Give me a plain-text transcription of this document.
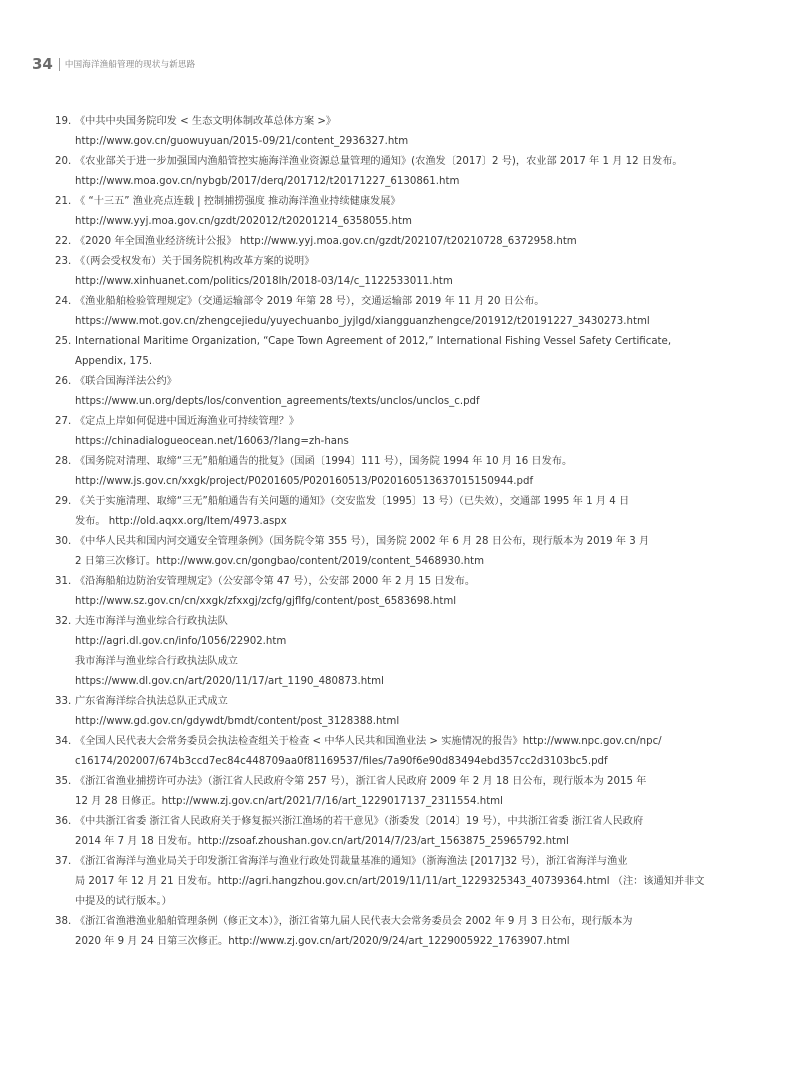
34 中国海洋渔船管理的现状与新思路
19. 《中共中央国务院印发 < 生态文明体制改革总体方案 >》
http://www.gov.cn/guowuyuan/2015-09/21/content_2936327.htm
20. 《农业部关于进一步加强国内渔船管控实施海洋渔业资源总量管理的通知》(农渔发〔2017〕2 号)，农业部 2017 年 1 月 12 日发布。
http://www.moa.gov.cn/nybgb/2017/derq/201712/t20171227_6130861.htm
21. 《 “十三五” 渔业亮点连载 | 控制捕捞强度 推动海洋渔业持续健康发展》
http://www.yyj.moa.gov.cn/gzdt/202012/t20201214_6358055.htm
22. 《2020 年全国渔业经济统计公报》 http://www.yyj.moa.gov.cn/gzdt/202107/t20210728_6372958.htm
23. 《（两会受权发布）关于国务院机构改革方案的说明》
http://www.xinhuanet.com/politics/2018lh/2018-03/14/c_1122533011.htm
24. 《渔业船舶检验管理规定》（交通运输部令 2019 年第 28 号），交通运输部 2019 年 11 月 20 日公布。
https://www.mot.gov.cn/zhengcejiedu/yuyechuanbo_jyjlgd/xiangguanzhengce/201912/t20191227_3430273.html
25. International Maritime Organization, “Cape Town Agreement of 2012,” International Fishing Vessel Safety Certificate,
Appendix, 175.
26. 《联合国海洋法公约》
https://www.un.org/depts/los/convention_agreements/texts/unclos/unclos_c.pdf
27. 《定点上岸如何促进中国近海渔业可持续管理？》
https://chinadialogueocean.net/16063/?lang=zh-hans
28. 《国务院对清理、取缔“三无”船舶通告的批复》（国函〔1994〕111 号），国务院 1994 年 10 月 16 日发布。
http://www.js.gov.cn/xxgk/project/P0201605/P020160513/P020160513637015150944.pdf
29. 《关于实施清理、取缔“三无”船舶通告有关问题的通知》（交安监发〔1995〕13 号）（已失效），交通部 1995 年 1 月 4 日
发布。 http://old.aqxx.org/Item/4973.aspx
30. 《中华人民共和国内河交通安全管理条例》（国务院令第 355 号），国务院 2002 年 6 月 28 日公布，现行版本为 2019 年 3 月
2 日第三次修订。http://www.gov.cn/gongbao/content/2019/content_5468930.htm
31. 《沿海船舶边防治安管理规定》（公安部令第 47 号），公安部 2000 年 2 月 15 日发布。
http://www.sz.gov.cn/cn/xxgk/zfxxgj/zcfg/gjflfg/content/post_6583698.html
32. 大连市海洋与渔业综合行政执法队
http://agri.dl.gov.cn/info/1056/22902.htm
我市海洋与渔业综合行政执法队成立
https://www.dl.gov.cn/art/2020/11/17/art_1190_480873.html
33. 广东省海洋综合执法总队正式成立
http://www.gd.gov.cn/gdywdt/bmdt/content/post_3128388.html
34. 《全国人民代表大会常务委员会执法检查组关于检查 < 中华人民共和国渔业法 > 实施情况的报告》http://www.npc.gov.cn/npc/
c16174/202007/674b3ccd7ec84c448709aa0f81169537/files/7a90f6e90d83494ebd357cc2d3103bc5.pdf
35. 《浙江省渔业捕捞许可办法》（浙江省人民政府令第 257 号），浙江省人民政府 2009 年 2 月 18 日公布，现行版本为 2015 年
12 月 28 日修正。http://www.zj.gov.cn/art/2021/7/16/art_1229017137_2311554.html
36. 《中共浙江省委 浙江省人民政府关于修复振兴浙江渔场的若干意见》（浙委发〔2014〕19 号），中共浙江省委 浙江省人民政府
2014 年 7 月 18 日发布。http://zsoaf.zhoushan.gov.cn/art/2014/7/23/art_1563875_25965792.html
37. 《浙江省海洋与渔业局关于印发浙江省海洋与渔业行政处罚裁量基准的通知》（浙海渔法 [2017]32 号），浙江省海洋与渔业
局 2017 年 12 月 21 日发布。http://agri.hangzhou.gov.cn/art/2019/11/11/art_1229325343_40739364.html （注：该通知并非文
中提及的试行版本。）
38. 《浙江省渔港渔业船舶管理条例（修正文本）》，浙江省第九届人民代表大会常务委员会 2002 年 9 月 3 日公布，现行版本为
2020 年 9 月 24 日第三次修正。http://www.zj.gov.cn/art/2020/9/24/art_1229005922_1763907.html
